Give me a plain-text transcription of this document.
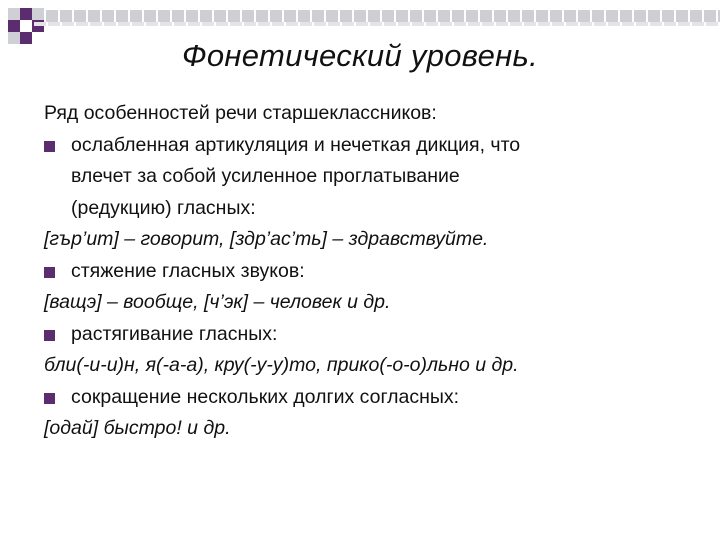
Фонетический уровень.
Ряд особенностей речи старшеклассников:
ослабленная артикуляция и нечеткая дикция, что
влечет за собой усиленное проглатывание
(редукцию) гласных:
[гър’ит] – говорит, [здр’ас’ть] – здравствуйте.
стяжение гласных звуков:
[ващэ] – вообще, [ч’эк] – человек и др.
растягивание гласных:
бли(-и-и)н, я(-а-а), кру(-у-у)то, прико(-о-о)льно и др.
сокращение нескольких долгих согласных:
[одай] быстро! и др.
